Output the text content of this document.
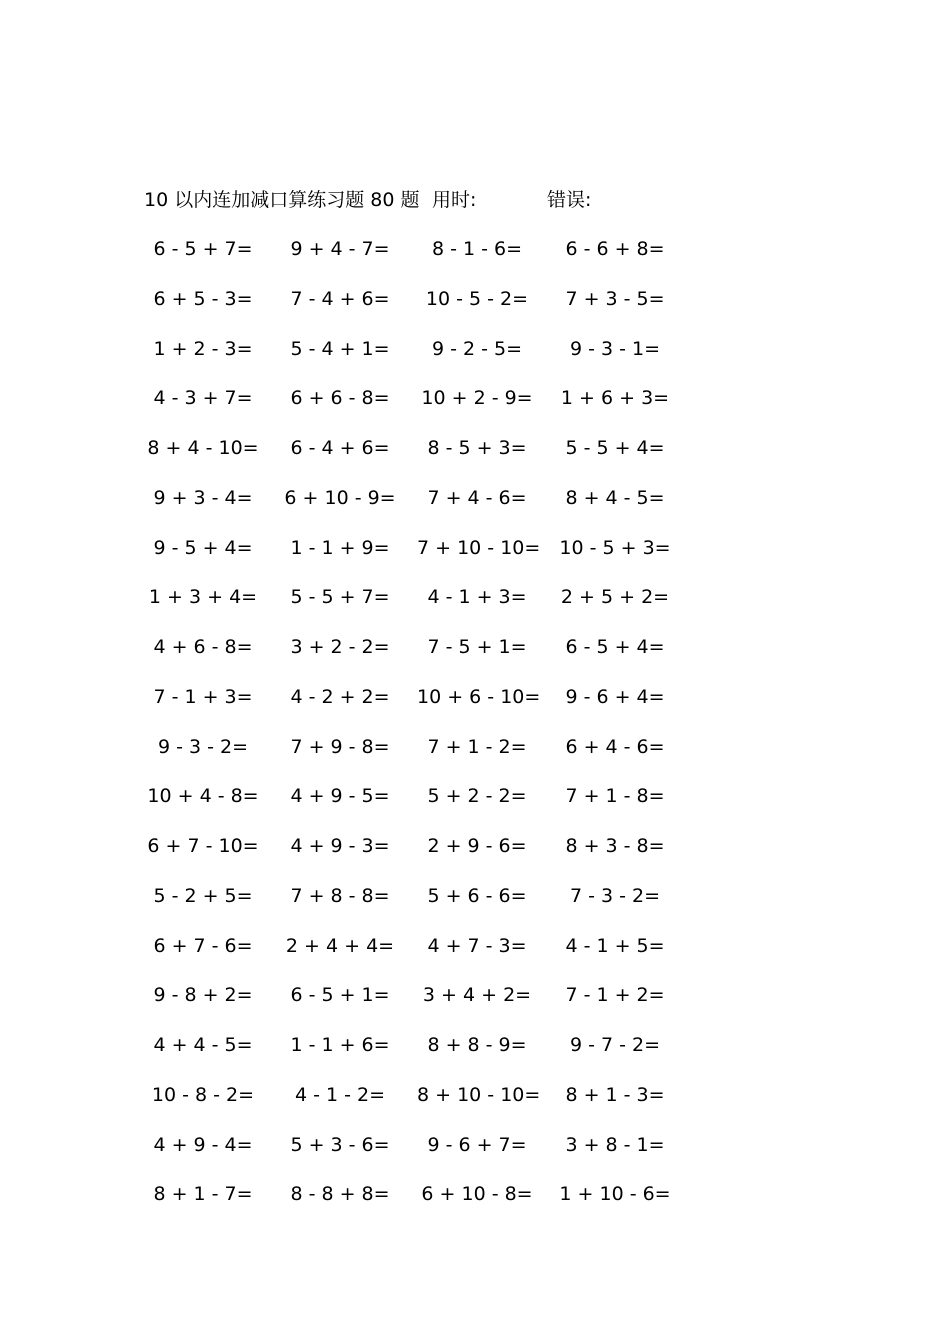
10 以内连加减口算练习题 80 题 用时:	错误:
6 - 5 + 7=	9 + 4 - 7=	8 - 1 - 6=	6 - 6 + 8=
6 + 5 - 3=	7 - 4 + 6=	10 - 5 - 2=	7 + 3 - 5=
1 + 2 - 3=	5 - 4 + 1=	9 - 2 - 5=	9 - 3 - 1=
4 - 3 + 7=	6 + 6 - 8=	10 + 2 - 9=	1 + 6 + 3=
8 + 4 - 10=	6 - 4 + 6=	8 - 5 + 3=	5 - 5 + 4=
9 + 3 - 4=	6 + 10 - 9=	7 + 4 - 6=	8 + 4 - 5=
9 - 5 + 4=	1 - 1 + 9=	7 + 10 - 10= 10 - 5 + 3=
1 + 3 + 4=	5 - 5 + 7=	4 - 1 + 3=	2 + 5 + 2=
4 + 6 - 8=	3 + 2 - 2=	7 - 5 + 1=	6 - 5 + 4=
7 - 1 + 3=	4 - 2 + 2=	10 + 6 - 10=	9 - 6 + 4=
9 - 3 - 2=	7 + 9 - 8=	7 + 1 - 2=	6 + 4 - 6=
10 + 4 - 8=	4 + 9 - 5=	5 + 2 - 2=	7 + 1 - 8=
6 + 7 - 10=	4 + 9 - 3=	2 + 9 - 6=	8 + 3 - 8=
5 - 2 + 5=	7 + 8 - 8=	5 + 6 - 6=	7 - 3 - 2=
6 + 7 - 6=	2 + 4 + 4=	4 + 7 - 3=	4 - 1 + 5=
9 - 8 + 2=	6 - 5 + 1=	3 + 4 + 2=	7 - 1 + 2=
4 + 4 - 5=	1 - 1 + 6=	8 + 8 - 9=	9 - 7 - 2=
10 - 8 - 2=	4 - 1 - 2=	8 + 10 - 10=	8 + 1 - 3=
4 + 9 - 4=	5 + 3 - 6=	9 - 6 + 7=	3 + 8 - 1=
8 + 1 - 7=	8 - 8 + 8=	6 + 10 - 8= 1 + 10 - 6=
